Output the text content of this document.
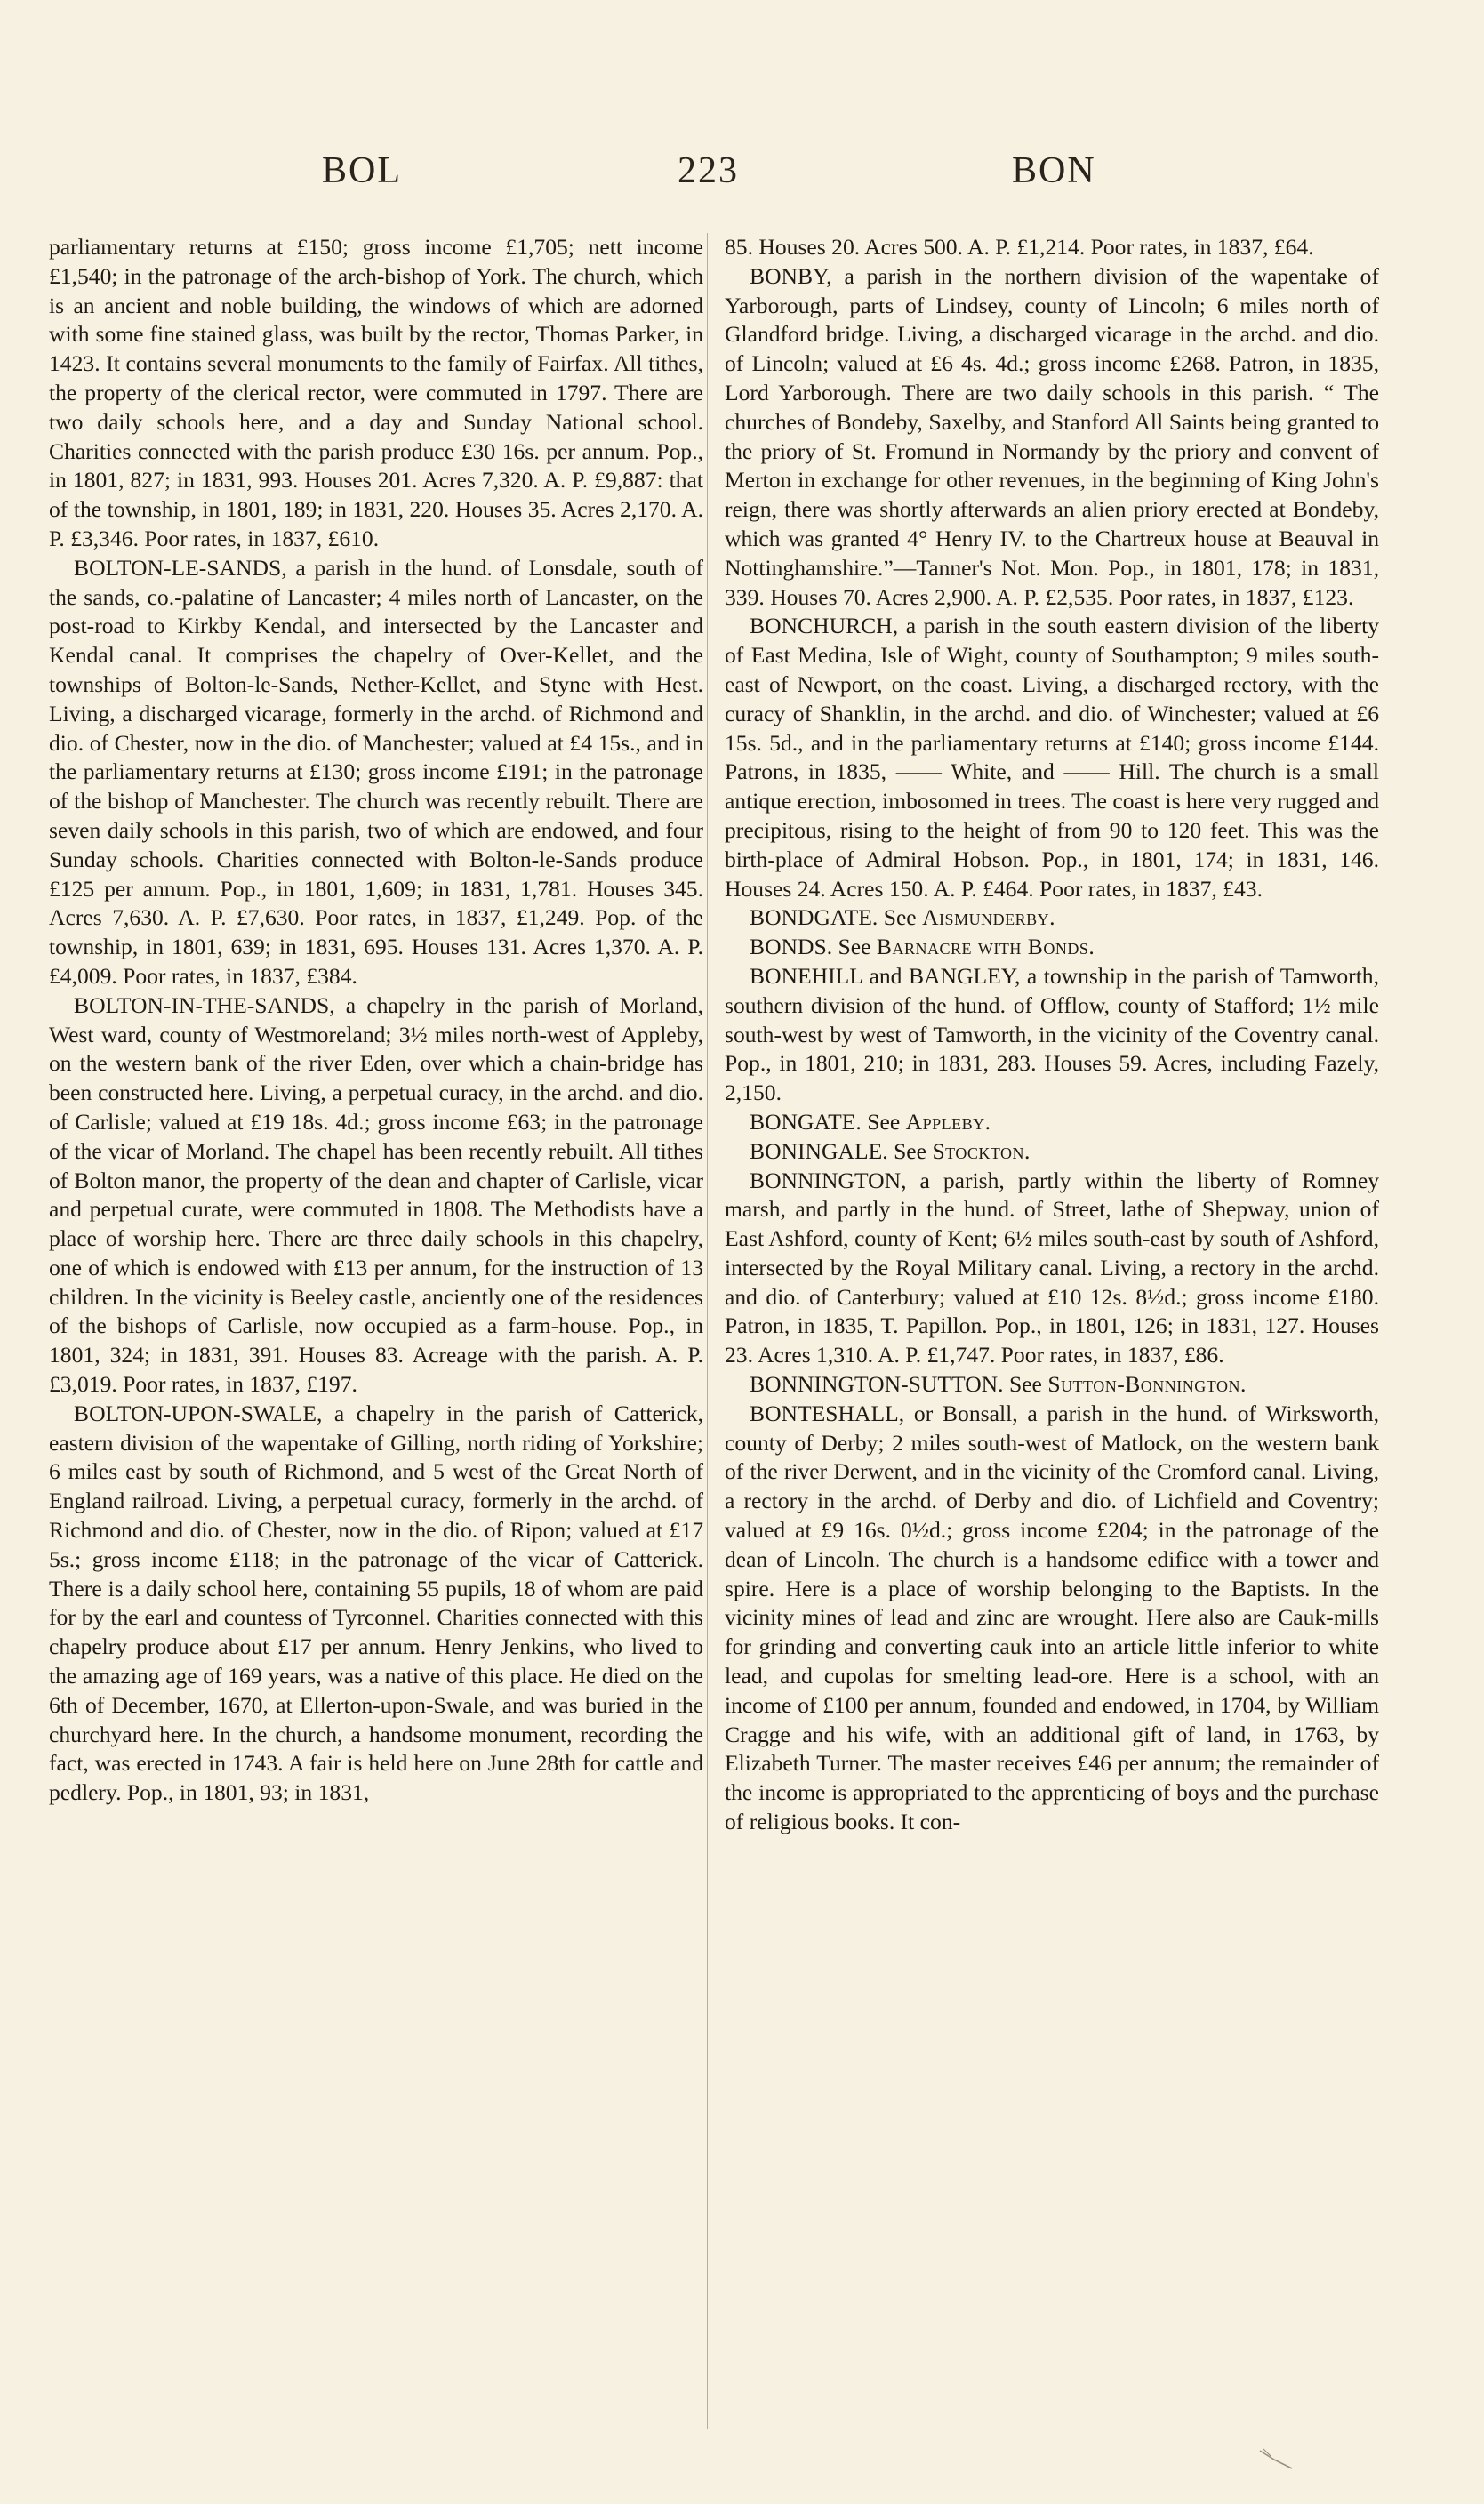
BOL	223	BON

parliamentary returns at £150; gross income £1,705; nett income £1,540; in the patronage of the arch-bishop of York. The church, which is an ancient and noble building, the windows of which are adorned with some fine stained glass, was built by the rector, Thomas Parker, in 1423. It contains several monuments to the family of Fairfax. All tithes, the property of the clerical rector, were commuted in 1797. There are two daily schools here, and a day and Sunday National school. Charities connected with the parish produce £30 16s. per annum. Pop., in 1801, 827; in 1831, 993. Houses 201. Acres 7,320. A. P. £9,887: that of the township, in 1801, 189; in 1831, 220. Houses 35. Acres 2,170. A. P. £3,346. Poor rates, in 1837, £610.

BOLTON-LE-SANDS, a parish in the hund. of Lonsdale, south of the sands, co.-palatine of Lancaster; 4 miles north of Lancaster, on the post-road to Kirkby Kendal, and intersected by the Lancaster and Kendal canal. It comprises the chapelry of Over-Kellet, and the townships of Bolton-le-Sands, Nether-Kellet, and Styne with Hest. Living, a discharged vicarage, formerly in the archd. of Richmond and dio. of Chester, now in the dio. of Manchester; valued at £4 15s., and in the parliamentary returns at £130; gross income £191; in the patronage of the bishop of Manchester. The church was recently rebuilt. There are seven daily schools in this parish, two of which are endowed, and four Sunday schools. Charities connected with Bolton-le-Sands produce £125 per annum. Pop., in 1801, 1,609; in 1831, 1,781. Houses 345. Acres 7,630. A. P. £7,630. Poor rates, in 1837, £1,249. Pop. of the township, in 1801, 639; in 1831, 695. Houses 131. Acres 1,370. A. P. £4,009. Poor rates, in 1837, £384.

BOLTON-IN-THE-SANDS, a chapelry in the parish of Morland, West ward, county of Westmoreland; 3½ miles north-west of Appleby, on the western bank of the river Eden, over which a chain-bridge has been constructed here. Living, a perpetual curacy, in the archd. and dio. of Carlisle; valued at £19 18s. 4d.; gross income £63; in the patronage of the vicar of Morland. The chapel has been recently rebuilt. All tithes of Bolton manor, the property of the dean and chapter of Carlisle, vicar and perpetual curate, were commuted in 1808. The Methodists have a place of worship here. There are three daily schools in this chapelry, one of which is endowed with £13 per annum, for the instruction of 13 children. In the vicinity is Beeley castle, anciently one of the residences of the bishops of Carlisle, now occupied as a farm-house. Pop., in 1801, 324; in 1831, 391. Houses 83. Acreage with the parish. A. P. £3,019. Poor rates, in 1837, £197.

BOLTON-UPON-SWALE, a chapelry in the parish of Catterick, eastern division of the wapentake of Gilling, north riding of Yorkshire; 6 miles east by south of Richmond, and 5 west of the Great North of England railroad. Living, a perpetual curacy, formerly in the archd. of Richmond and dio. of Chester, now in the dio. of Ripon; valued at £17 5s.; gross income £118; in the patronage of the vicar of Catterick. There is a daily school here, containing 55 pupils, 18 of whom are paid for by the earl and countess of Tyrconnel. Charities connected with this chapelry produce about £17 per annum. Henry Jenkins, who lived to the amazing age of 169 years, was a native of this place. He died on the 6th of December, 1670, at Ellerton-upon-Swale, and was buried in the churchyard here. In the church, a handsome monument, recording the fact, was erected in 1743. A fair is held here on June 28th for cattle and pedlery. Pop., in 1801, 93; in 1831,

85. Houses 20. Acres 500. A. P. £1,214. Poor rates, in 1837, £64.

BONBY, a parish in the northern division of the wapentake of Yarborough, parts of Lindsey, county of Lincoln; 6 miles north of Glandford bridge. Living, a discharged vicarage in the archd. and dio. of Lincoln; valued at £6 4s. 4d.; gross income £268. Patron, in 1835, Lord Yarborough. There are two daily schools in this parish. “ The churches of Bondeby, Saxelby, and Stanford All Saints being granted to the priory of St. Fromund in Normandy by the priory and convent of Merton in exchange for other revenues, in the beginning of King John's reign, there was shortly afterwards an alien priory erected at Bondeby, which was granted 4° Henry IV. to the Chartreux house at Beauval in Nottinghamshire.”—Tanner's Not. Mon. Pop., in 1801, 178; in 1831, 339. Houses 70. Acres 2,900. A. P. £2,535. Poor rates, in 1837, £123.

BONCHURCH, a parish in the south eastern division of the liberty of East Medina, Isle of Wight, county of Southampton; 9 miles south-east of Newport, on the coast. Living, a discharged rectory, with the curacy of Shanklin, in the archd. and dio. of Winchester; valued at £6 15s. 5d., and in the parliamentary returns at £140; gross income £144. Patrons, in 1835, —— White, and —— Hill. The church is a small antique erection, imbosomed in trees. The coast is here very rugged and precipitous, rising to the height of from 90 to 120 feet. This was the birth-place of Admiral Hobson. Pop., in 1801, 174; in 1831, 146. Houses 24. Acres 150. A. P. £464. Poor rates, in 1837, £43.

BONDGATE. See Aismunderby.

BONDS. See Barnacre with Bonds.

BONEHILL and BANGLEY, a township in the parish of Tamworth, southern division of the hund. of Offlow, county of Stafford; 1½ mile south-west by west of Tamworth, in the vicinity of the Coventry canal. Pop., in 1801, 210; in 1831, 283. Houses 59. Acres, including Fazely, 2,150.

BONGATE. See Appleby.

BONINGALE. See Stockton.

BONNINGTON, a parish, partly within the liberty of Romney marsh, and partly in the hund. of Street, lathe of Shepway, union of East Ashford, county of Kent; 6½ miles south-east by south of Ashford, intersected by the Royal Military canal. Living, a rectory in the archd. and dio. of Canterbury; valued at £10 12s. 8½d.; gross income £180. Patron, in 1835, T. Papillon. Pop., in 1801, 126; in 1831, 127. Houses 23. Acres 1,310. A. P. £1,747. Poor rates, in 1837, £86.

BONNINGTON-SUTTON. See Sutton-Bonnington.

BONTESHALL, or Bonsall, a parish in the hund. of Wirksworth, county of Derby; 2 miles south-west of Matlock, on the western bank of the river Derwent, and in the vicinity of the Cromford canal. Living, a rectory in the archd. of Derby and dio. of Lichfield and Coventry; valued at £9 16s. 0½d.; gross income £204; in the patronage of the dean of Lincoln. The church is a handsome edifice with a tower and spire. Here is a place of worship belonging to the Baptists. In the vicinity mines of lead and zinc are wrought. Here also are Cauk-mills for grinding and converting cauk into an article little inferior to white lead, and cupolas for smelting lead-ore. Here is a school, with an income of £100 per annum, founded and endowed, in 1704, by William Cragge and his wife, with an additional gift of land, in 1763, by Elizabeth Turner. The master receives £46 per annum; the remainder of the income is appropriated to the apprenticing of boys and the purchase of religious books. It con-
